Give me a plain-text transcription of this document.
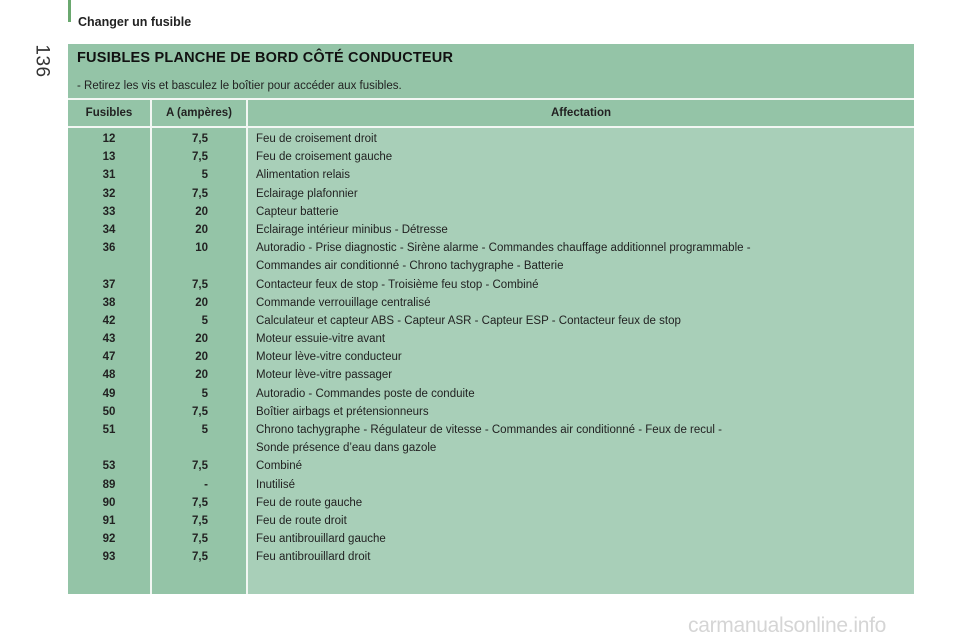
Changer un fusible
136 FUSIBLES PLANCHE DE BORD CÔTÉ CONDUCTEUR
- Retirez les vis et basculez le boîtier pour accéder aux fusibles.
Fusibles	A (ampères)	Affectation
12	7,5	Feu de croisement droit
13	7,5	Feu de croisement gauche
31	5	Alimentation relais
32	7,5	Eclairage plafonnier
33	20	Capteur batterie
34	20	Eclairage intérieur minibus - Détresse
36	10	Autoradio - Prise diagnostic - Sirène alarme - Commandes chauffage additionnel programmable -
Commandes air conditionné - Chrono tachygraphe - Batterie
37	7,5	Contacteur feux de stop - Troisième feu stop - Combiné
38	20	Commande verrouillage centralisé
42	5	Calculateur et capteur ABS - Capteur ASR - Capteur ESP - Contacteur feux de stop
43	20	Moteur essuie-vitre avant
47	20	Moteur lève-vitre conducteur
48	20	Moteur lève-vitre passager
49	5	Autoradio - Commandes poste de conduite
50	7,5	Boîtier airbags et prétensionneurs
51	5	Chrono tachygraphe - Régulateur de vitesse - Commandes air conditionné - Feux de recul -
Sonde présence d’eau dans gazole
53	7,5	Combiné
89	-	Inutilisé
90	7,5	Feu de route gauche
91	7,5	Feu de route droit
92	7,5	Feu antibrouillard gauche
93	7,5	Feu antibrouillard droit
carmanualsonline.info
